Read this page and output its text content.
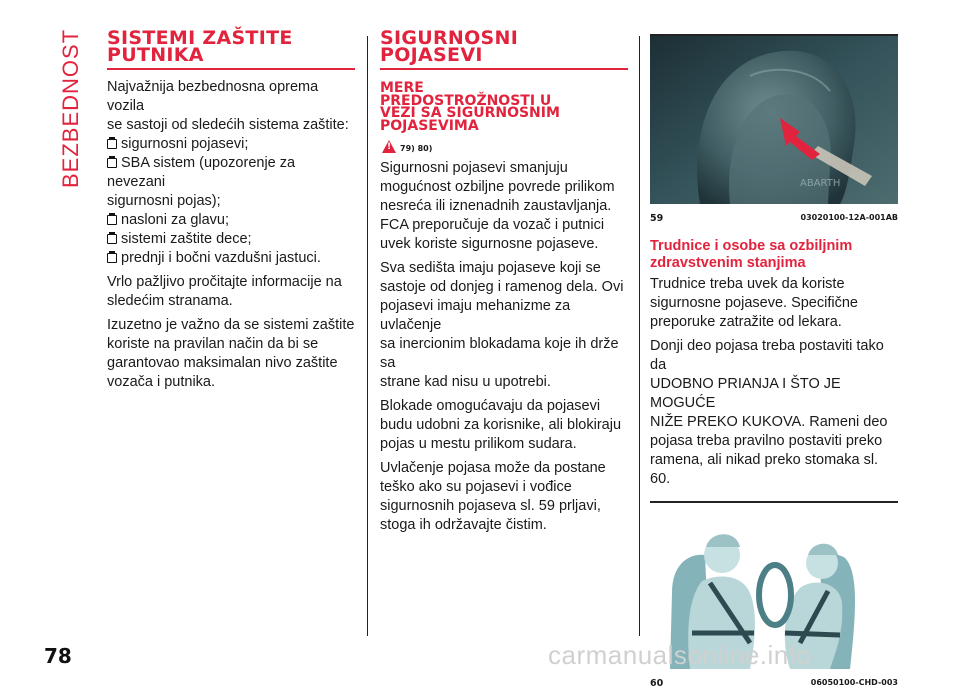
BEZBEDNOST SISTEMI ZAŠTITE
PUTNIKA

Najvažnija bezbednosna oprema vozila
se sastoji od sledećih sistema zaštite:

sigurnosni pojasevi;
SBA sistem (upozorenje za nevezani
sigurnosni pojas);
nasloni za glavu;
sistemi zaštite dece;
prednji i bočni vazdušni jastuci.

Vrlo pažljivo pročitajte informacije na
sledećim stranama.

Izuzetno je važno da se sistemi zaštite
koriste na pravilan način da bi se
garantovao maksimalan nivo zaštite
vozača i putnika.

SIGURNOSNI
POJASEVI
MERE
PREDOSTROŽNOSTI U
VEZI SA SIGURNOSNIM
POJASEVIMA
!
79) 80)

Sigurnosni pojasevi smanjuju
mogućnost ozbiljne povrede prilikom
nesreća ili iznenadnih zaustavljanja.
FCA preporučuje da vozač i putnici
uvek koriste sigurnosne pojaseve.

Sva sedišta imaju pojaseve koji se
sastoje od donjeg i ramenog dela. Ovi
pojasevi imaju mehanizme za uvlačenje
sa inercionim blokadama koje ih drže sa
strane kad nisu u upotrebi.

Blokade omogućavaju da pojasevi
budu udobni za korisnike, ali blokiraju
pojas u mestu prilikom sudara.

Uvlačenje pojasa može da postane
teško ako su pojasevi i vođice
sigurnosnih pojaseva sl. 59 prljavi,
stoga ih održavajte čistim.

ABARTH
59	03020100-12A-001AB
Trudnice i osobe sa ozbiljnim
zdravstvenim stanjima

Trudnice treba uvek da koriste
sigurnosne pojaseve. Specifične
preporuke zatražite od lekara.

Donji deo pojasa treba postaviti tako da
UDOBNO PRIANJA I ŠTO JE MOGUĆE
NIŽE PREKO KUKOVA. Rameni deo
pojasa treba pravilno postaviti preko
ramena, ali nikad preko stomaka sl. 60.

60	06050100-CHD-003
78	carmanualsonline.info
